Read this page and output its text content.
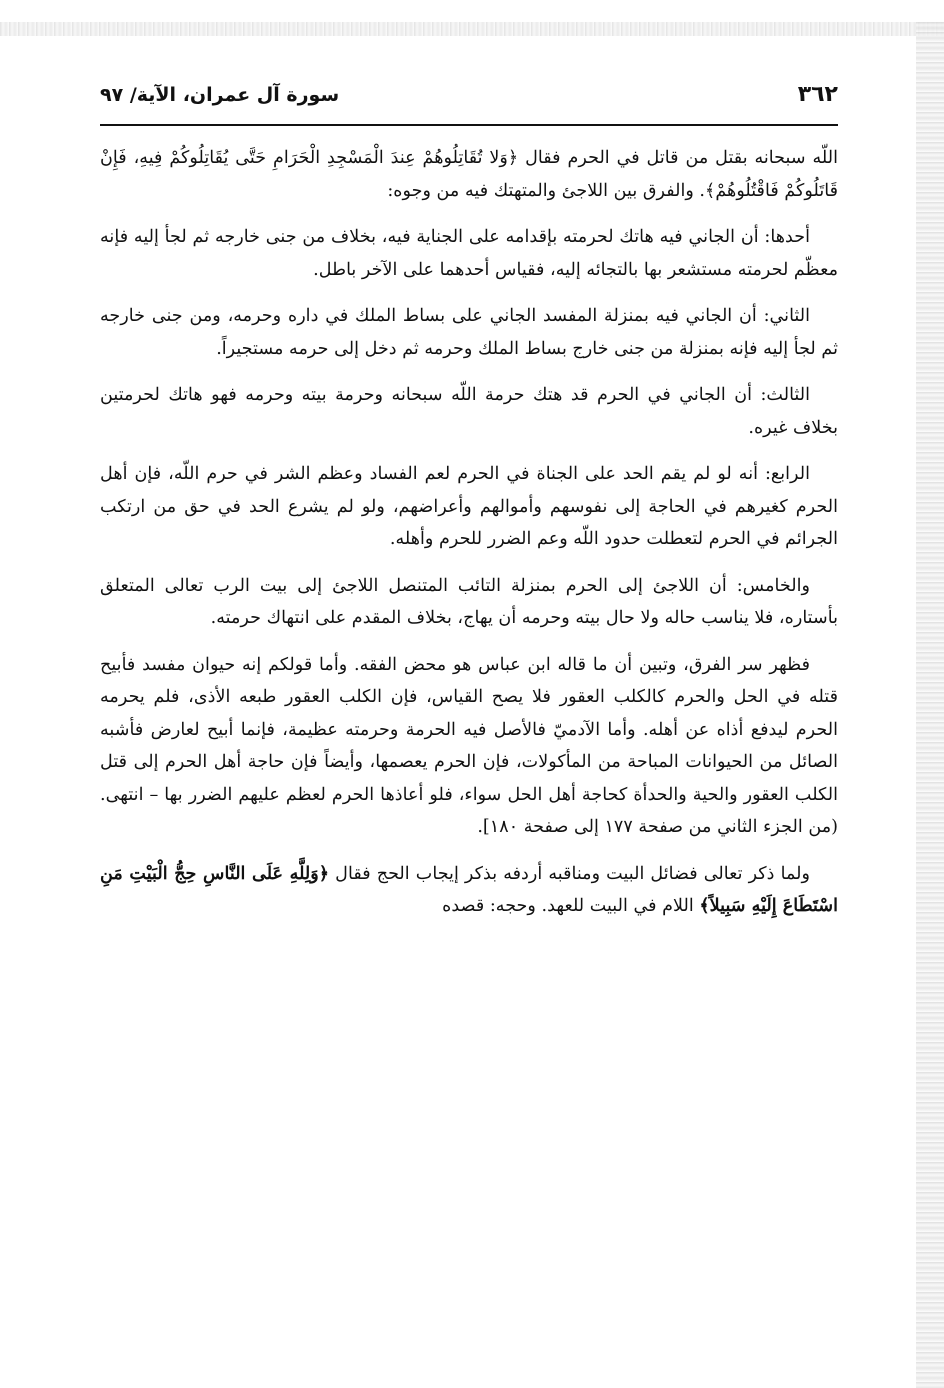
٣٦٢
سورة آل عمران، الآية/ ٩٧

اللّه سبحانه بقتل من قاتل في الحرم فقال ﴿وَلا تُقَاتِلُوهُمْ عِندَ الْمَسْجِدِ الْحَرَامِ حَتَّى يُقَاتِلُوكُمْ فِيهِ، فَإِنْ قَاتَلُوكُمْ فَاقْتُلُوهُمْ﴾. والفرق بين اللاجئ والمتهتك فيه من وجوه:

أحدها: أن الجاني فيه هاتك لحرمته بإقدامه على الجناية فيه، بخلاف من جنى خارجه ثم لجأ إليه فإنه معظّم لحرمته مستشعر بها بالتجائه إليه، فقياس أحدهما على الآخر باطل.

الثاني: أن الجاني فيه بمنزلة المفسد الجاني على بساط الملك في داره وحرمه، ومن جنى خارجه ثم لجأ إليه فإنه بمنزلة من جنى خارج بساط الملك وحرمه ثم دخل إلى حرمه مستجيراً.

الثالث: أن الجاني في الحرم قد هتك حرمة اللّه سبحانه وحرمة بيته وحرمه فهو هاتك لحرمتين بخلاف غيره.

الرابع: أنه لو لم يقم الحد على الجناة في الحرم لعم الفساد وعظم الشر في حرم اللّه، فإن أهل الحرم كغيرهم في الحاجة إلى نفوسهم وأموالهم وأعراضهم، ولو لم يشرع الحد في حق من ارتكب الجرائم في الحرم لتعطلت حدود اللّه وعم الضرر للحرم وأهله.

والخامس: أن اللاجئ إلى الحرم بمنزلة التائب المتنصل اللاجئ إلى بيت الرب تعالى المتعلق بأستاره، فلا يناسب حاله ولا حال بيته وحرمه أن يهاج، بخلاف المقدم على انتهاك حرمته.

فظهر سر الفرق، وتبين أن ما قاله ابن عباس هو محض الفقه. وأما قولكم إنه حيوان مفسد فأبيح قتله في الحل والحرم كالكلب العقور فلا يصح القياس، فإن الكلب العقور طبعه الأذى، فلم يحرمه الحرم ليدفع أذاه عن أهله. وأما الآدميّ فالأصل فيه الحرمة وحرمته عظيمة، فإنما أبيح لعارض فأشبه الصائل من الحيوانات المباحة من المأكولات، فإن الحرم يعصمها، وأيضاً فإن حاجة أهل الحرم إلى قتل الكلب العقور والحية والحدأة كحاجة أهل الحل سواء، فلو أعاذها الحرم لعظم عليهم الضرر بها – انتهى. (من الجزء الثاني من صفحة ١٧٧ إلى صفحة ١٨٠].

ولما ذكر تعالى فضائل البيت ومناقبه أردفه بذكر إيجاب الحج فقال ﴿وَلِلَّهِ عَلَى النَّاسِ حِجُّ الْبَيْتِ مَنِ اسْتَطَاعَ إِلَيْهِ سَبِيلاً﴾ اللام في البيت للعهد. وحجه: قصده
